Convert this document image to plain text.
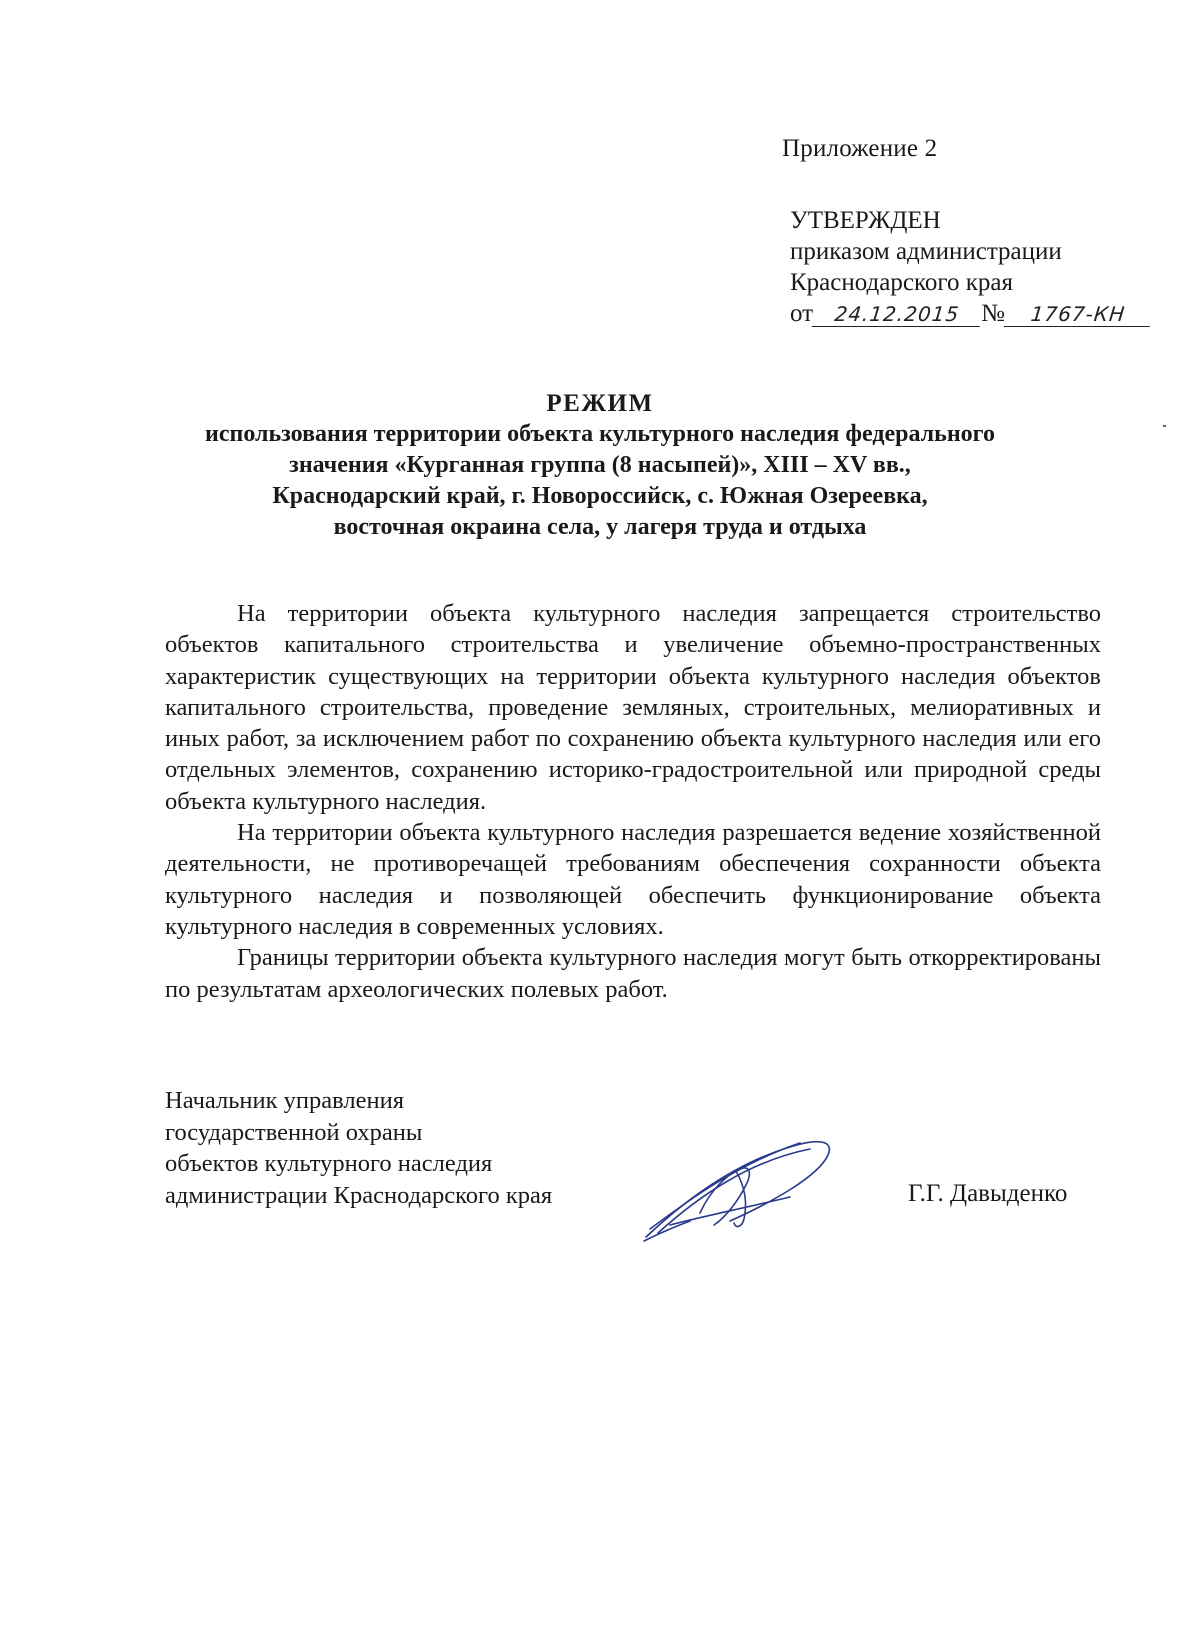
Приложение 2
УТВЕРЖДЕН
приказом администрации
Краснодарского края
от 24.12.2015 № 1767-КН
РЕЖИМ
использования территории объекта культурного наследия федерального
значения «Курганная группа (8 насыпей)», XIII – XV вв.,
Краснодарский край, г. Новороссийск, с. Южная Озереевка,
восточная окраина села, у лагеря труда и отдыха

На территории объекта культурного наследия запрещается строительство объектов капитального строительства и увеличение объемно-пространственных характеристик существующих на территории объекта культурного наследия объектов капитального строительства, проведение земляных, строительных, мелиоративных и иных работ, за исключением работ по сохранению объекта культурного наследия или его отдельных элементов, сохранению историко-градостроительной или природной среды объекта культурного наследия.

На территории объекта культурного наследия разрешается ведение хозяйственной деятельности, не противоречащей требованиям обеспечения сохранности объекта культурного наследия и позволяющей обеспечить функционирование объекта культурного наследия в современных условиях.

Границы территории объекта культурного наследия могут быть откорректированы по результатам археологических полевых работ.

Начальник управления
государственной охраны
объектов культурного наследия
администрации Краснодарского края	Г.Г. Давыденко
